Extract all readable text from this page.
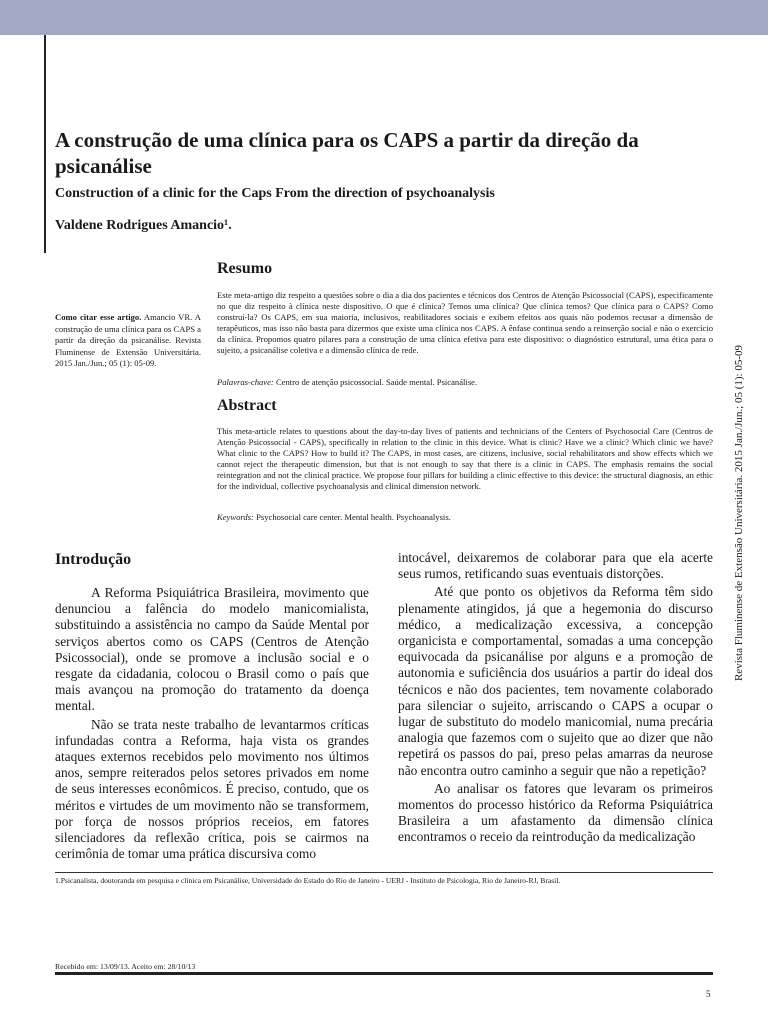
A construção de uma clínica para os CAPS a partir da direção da psicanálise

Construction of a clinic for the Caps From the direction of psychoanalysis

Valdene Rodrigues Amancio¹.

Como citar esse artigo. Amancio VR. A construção de uma clínica para os CAPS a partir da direção da psicanálise. Revista Fluminense de Extensão Universitária. 2015 Jan./Jun.; 05 (1): 05-09.
Resumo

Este meta-artigo diz respeito a questões sobre o dia a dia dos pacientes e técnicos dos Centros de Atenção Psicossocial (CAPS), especificamente no que diz respeito à clínica neste dispositivo. O que é clínica? Temos uma clínica? Que clínica temos? Que clínica para o CAPS? Como construí-la? Os CAPS, em sua maioria, inclusivos, reabilitadores sociais e exibem efeitos aos quais não podemos recusar a dimensão de terapêuticos, mas isso não basta para dizermos que existe uma clínica nos CAPS. A ênfase continua sendo a reinserção social e não o exercício da clínica. Propomos quatro pilares para a construção de uma clínica efetiva para este dispositivo: o diagnóstico estrutural, uma ética para o sujeito, a psicanálise coletiva e a dimensão clínica de rede.

Palavras-chave: Centro de atenção psicossocial. Saúde mental. Psicanálise.

Abstract

This meta-article relates to questions about the day-to-day lives of patients and technicians of the Centers of Psychosocial Care (Centros de Atenção Psicossocial - CAPS), specifically in relation to the clinic in this device. What is clinic? Have we a clinic? Which clinic we have? What clinic to the CAPS? How to build it? The CAPS, in most cases, are citizens, inclusive, social rehabilitators and show effects which we cannot reject the therapeutic dimension, but that is not enough to say that there is a clinic in CAPS. The emphasis remains the social reintegration and not the clinical practice. We propose four pillars for building a clinic effective to this device: the structural diagnosis, an ethic for the individual, collective psychoanalysis and clinical dimension network.

Keywords: Psychosocial care center. Mental health. Psychoanalysis.	Revista Fluminense de Extensão Universitária. 2015 Jan./Jun.; 05 (1): 05-09
Introdução

A Reforma Psiquiátrica Brasileira, movimento que denunciou a falência do modelo manicomialista, substituindo a assistência no campo da Saúde Mental por serviços abertos como os CAPS (Centros de Atenção Psicossocial), onde se promove a inclusão social e o resgate da cidadania, colocou o Brasil como o país que mais avançou na promoção do tratamento da doença mental.

Não se trata neste trabalho de levantarmos críticas infundadas contra a Reforma, haja vista os grandes ataques externos recebidos pelo movimento nos últimos anos, sempre reiterados pelos setores privados em nome de seus interesses econômicos. É preciso, contudo, que os méritos e virtudes de um movimento não se transformem, por força de nossos próprios receios, em fatores silenciadores da reflexão crítica, pois se cairmos na cerimônia de tomar uma prática discursiva como

intocável, deixaremos de colaborar para que ela acerte seus rumos, retificando suas eventuais distorções.

Até que ponto os objetivos da Reforma têm sido plenamente atingidos, já que a hegemonia do discurso médico, a medicalização excessiva, a concepção organicista e comportamental, somadas a uma concepção equivocada da psicanálise por alguns e a promoção de autonomia e suficiência dos usuários a partir do ideal dos técnicos e não dos pacientes, tem novamente colaborado para silenciar o sujeito, arriscando o CAPS a ocupar o lugar de substituto do modelo manicomial, numa precária analogia que fazemos com o sujeito que ao dizer que não repetirá os passos do pai, preso pelas amarras da neurose não encontra outro caminho a seguir que não a repetição?

Ao analisar os fatores que levaram os primeiros momentos do processo histórico da Reforma Psiquiátrica Brasileira a um afastamento da dimensão clínica encontramos o receio da reintrodução da medicalização

1.Psicanalista, doutoranda em pesquisa e clínica em Psicanálise, Universidade do Estado do Rio de Janeiro - UERJ - Instituto de Psicologia, Rio de Janeiro-RJ, Brasil.

Recebido em: 13/09/13. Aceito em: 28/10/13

5
